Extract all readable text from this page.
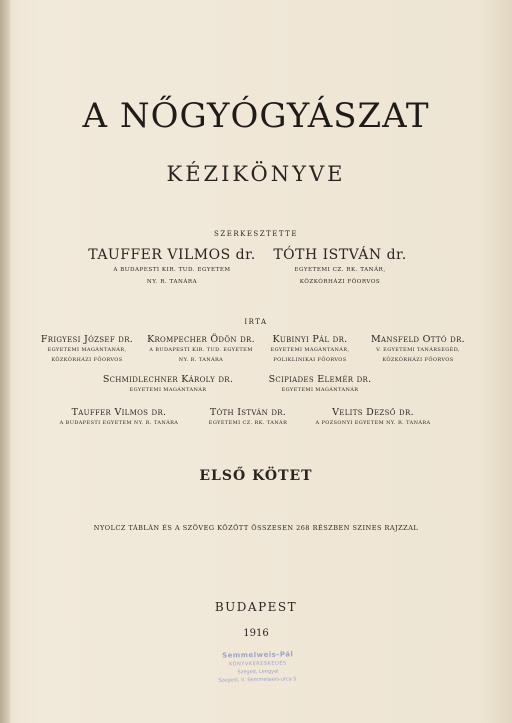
A NŐGYÓGYÁSZAT
KÉZIKÖNYVE
SZERKESZTETTE
TAUFFER VILMOS dr.
A BUDAPESTI KIR. TUD. EGYETEM
NY. R. TANÁRA
TÓTH ISTVÁN dr.
EGYETEMI CZ. RK. TANÁR,
KÖZKÓRHÁZI FŐORVOS
IRTA
Frigyesi József dr.
EGYETEMI MAGÁNTANÁR,
KÖZKÓRHÁZI FŐORVOS
Krompecher Ödön dr.
A BUDAPESTI KIR. TUD. EGYETEM
NY. R. TANÁRA
Kubinyi Pál dr.
EGYETEMI MAGÁNTANÁR,
POLIKLINIKAI FŐORVOS
Mansfeld Ottó dr.
V. EGYETEMI TANÁRSEGÉD,
KÖZKÓRHÁZI FŐORVOS
Schmidlechner Károly dr.
EGYETEMI MAGÁNTANÁR
Scipiades Elemér dr.
EGYETEMI MAGÁNTANÁR
Tauffer Vilmos dr.
A BUDAPESTI EGYETEM NY. R. TANÁRA
Tóth István dr.
EGYETEMI CZ. RK. TANÁR
Velits Dezső dr.
A POZSONYI EGYETEM NY. R. TANÁRA
ELSŐ KÖTET
NYOLCZ TÁBLÁN ÉS A SZÖVEG KÖZÖTT ÖSSZESEN 268 RÉSZBEN SZINES RAJZZAL
BUDAPEST
1916
Semmelweis-Pál
KÖNYVKERESKEDÉS
Szeged, Lengyel
Szegedi, II. Semmelweis-utca 5.
